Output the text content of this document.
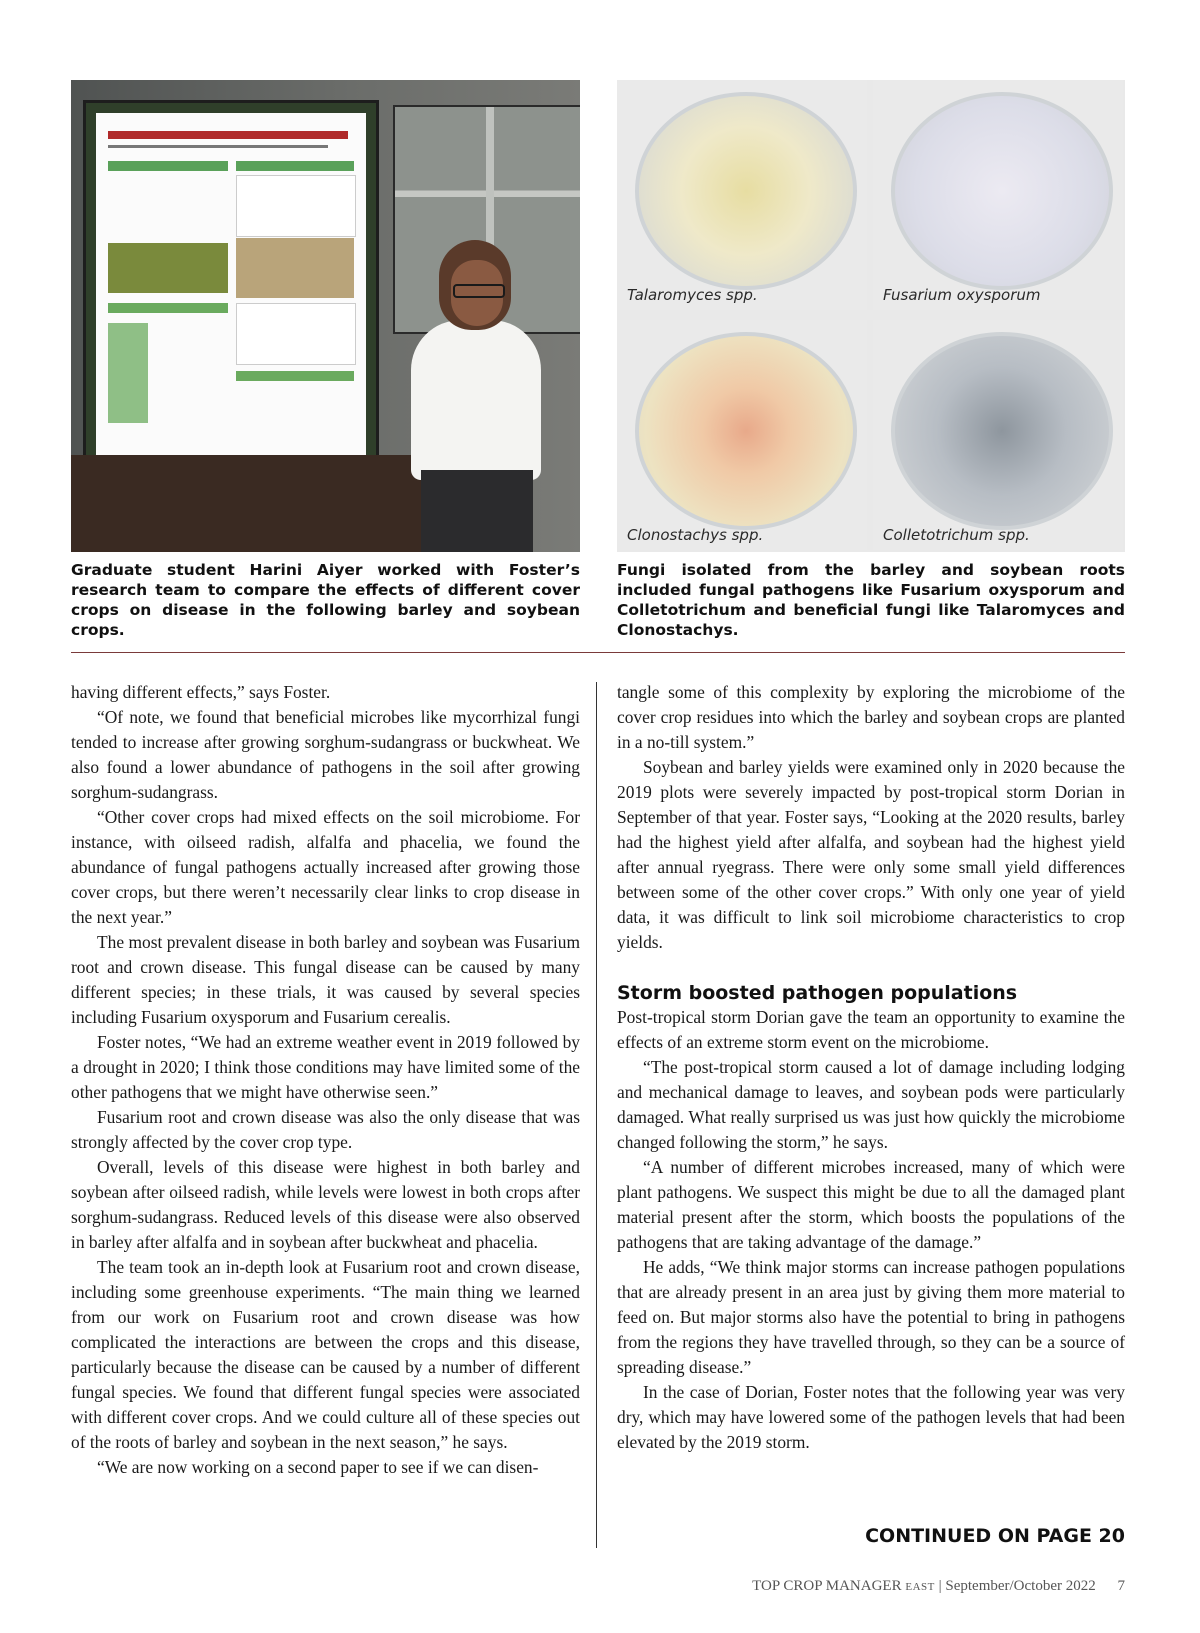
Talaromyces spp.	Fusarium oxysporum
Clonostachys spp.	Colletotrichum spp.
Graduate student Harini Aiyer worked with Foster’s research team to compare the effects of different cover crops on disease in the following barley and soybean crops.
Fungi isolated from the barley and soybean roots included fungal pathogens like Fusarium oxysporum and Colletotrichum and beneficial fungi like Talaromyces and Clonostachys.

having different effects,” says Foster.

“Of note, we found that beneficial microbes like mycorrhizal fungi tended to increase after growing sorghum-sudangrass or buckwheat. We also found a lower abundance of pathogens in the soil after growing sorghum-sudangrass.

“Other cover crops had mixed effects on the soil microbiome. For instance, with oilseed radish, alfalfa and phacelia, we found the abundance of fungal pathogens actually increased after growing those cover crops, but there weren’t necessarily clear links to crop disease in the next year.”

The most prevalent disease in both barley and soybean was Fusarium root and crown disease. This fungal disease can be caused by many different species; in these trials, it was caused by several species including Fusarium oxysporum and Fusarium cerealis.

Foster notes, “We had an extreme weather event in 2019 followed by a drought in 2020; I think those conditions may have limited some of the other pathogens that we might have otherwise seen.”

Fusarium root and crown disease was also the only disease that was strongly affected by the cover crop type.

Overall, levels of this disease were highest in both barley and soybean after oilseed radish, while levels were lowest in both crops after sorghum-sudangrass. Reduced levels of this disease were also observed in barley after alfalfa and in soybean after buckwheat and phacelia.

The team took an in-depth look at Fusarium root and crown disease, including some greenhouse experiments. “The main thing we learned from our work on Fusarium root and crown disease was how complicated the interactions are between the crops and this disease, particularly because the disease can be caused by a number of different fungal species. We found that different fungal species were associated with different cover crops. And we could culture all of these species out of the roots of barley and soybean in the next season,” he says.

“We are now working on a second paper to see if we can disen-

tangle some of this complexity by exploring the microbiome of the cover crop residues into which the barley and soybean crops are planted in a no-till system.”

Soybean and barley yields were examined only in 2020 because the 2019 plots were severely impacted by post-tropical storm Dorian in September of that year. Foster says, “Looking at the 2020 results, barley had the highest yield after alfalfa, and soybean had the highest yield after annual ryegrass. There were only some small yield differences between some of the other cover crops.” With only one year of yield data, it was difficult to link soil microbiome characteristics to crop yields.

Storm boosted pathogen populations

Post-tropical storm Dorian gave the team an opportunity to examine the effects of an extreme storm event on the microbiome.

“The post-tropical storm caused a lot of damage including lodging and mechanical damage to leaves, and soybean pods were particularly damaged. What really surprised us was just how quickly the microbiome changed following the storm,” he says.

“A number of different microbes increased, many of which were plant pathogens. We suspect this might be due to all the damaged plant material present after the storm, which boosts the populations of the pathogens that are taking advantage of the damage.”

He adds, “We think major storms can increase pathogen populations that are already present in an area just by giving them more material to feed on. But major storms also have the potential to bring in pathogens from the regions they have travelled through, so they can be a source of spreading disease.”

In the case of Dorian, Foster notes that the following year was very dry, which may have lowered some of the pathogen levels that had been elevated by the 2019 storm.

CONTINUED ON PAGE 20
TOP CROP MANAGER EAST | September/October 2022 7
